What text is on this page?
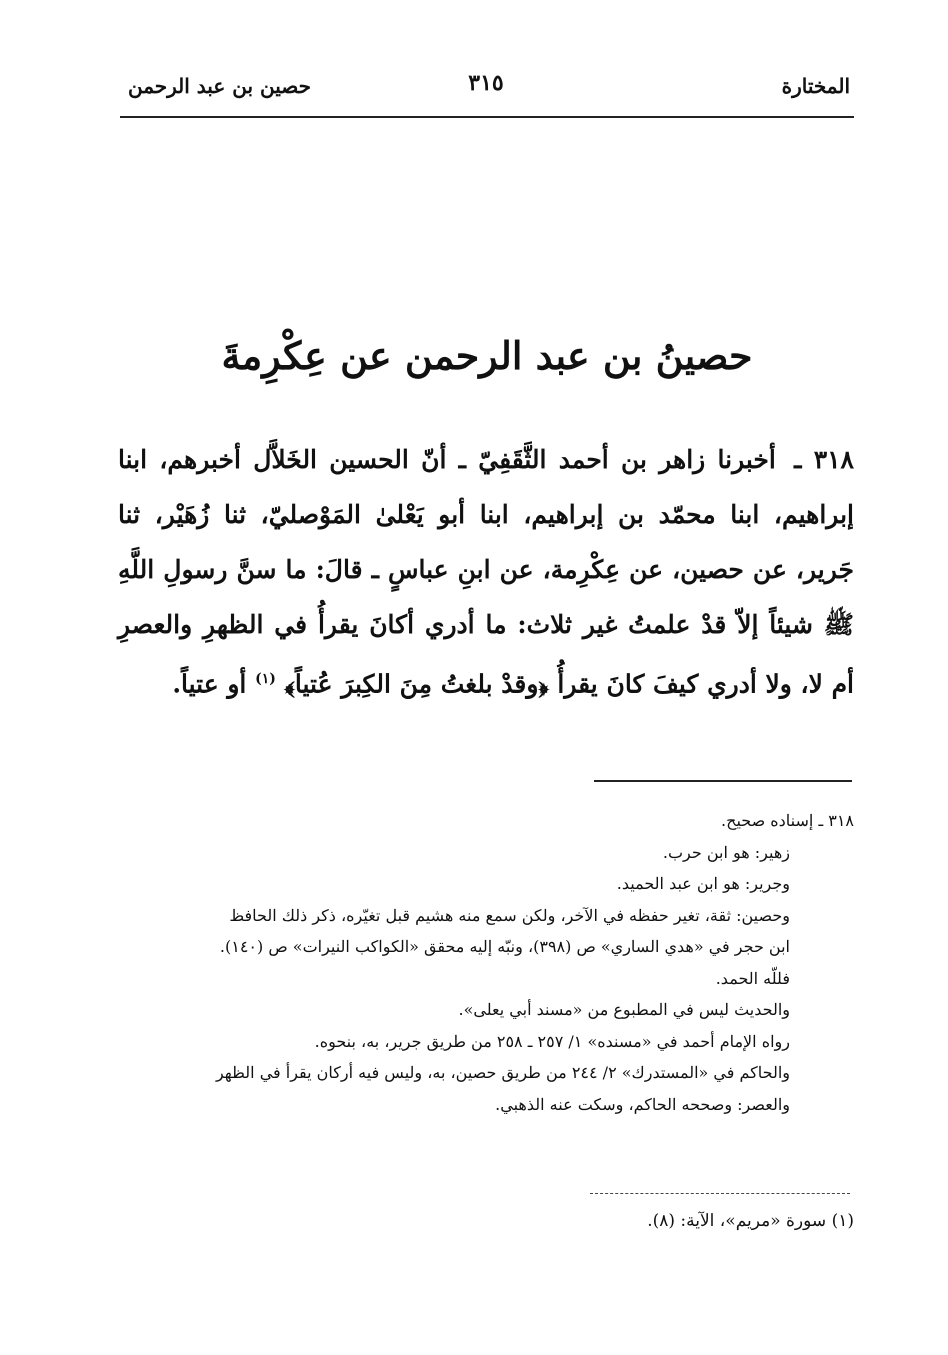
المختارة
٣١٥
حصين بن عبد الرحمن
حصينُ بن عبد الرحمن عن عِكْرِمةَ
٣١٨ ـ أخبرنا زاهر بن أحمد الثَّقَفِيّ ـ أنّ الحسين الخَلاَّل أخبرهم، ابنا إبراهيم، ابنا محمّد بن إبراهيم، ابنا أبو يَعْلىٰ المَوْصليّ، ثنا زُهَيْر، ثنا جَرير، عن حصين، عن عِكْرِمة، عن ابنِ عباسٍ ـ قالَ: ما سنَّ رسولِ اللَّهِ ﷺ شيئاً إلاّ قدْ علمتُ غير ثلاث: ما أدري أكانَ يقرأُ في الظهرِ والعصرِ أم لا، ولا أدري كيفَ كانَ يقرأُ ﴿وقدْ بلغتُ مِنَ الكِبرَ عُتياً﴾ $^{(١)}$ أو عتياً.
٣١٨ ـ إسناده صحيح.
زهير: هو ابن حرب.
وجرير: هو ابن عبد الحميد.
وحصين: ثقة، تغير حفظه في الآخر، ولكن سمع منه هشيم قبل تغيّره، ذكر ذلك الحافظ
ابن حجر في «هدي الساري» ص (٣٩٨)، ونبّه إليه محقق «الكواكب النيرات» ص (١٤٠).
فللّه الحمد.
والحديث ليس في المطبوع من «مسند أبي يعلى».
رواه الإمام أحمد في «مسنده» ١/ ٢٥٧ ـ ٢٥٨ من طريق جرير، به، بنحوه.
والحاكم في «المستدرك» ٢/ ٢٤٤ من طريق حصين، به، وليس فيه أركان يقرأ في الظهر
والعصر: وصححه الحاكم، وسكت عنه الذهبي.
(١) سورة «مريم»، الآية: (٨).
